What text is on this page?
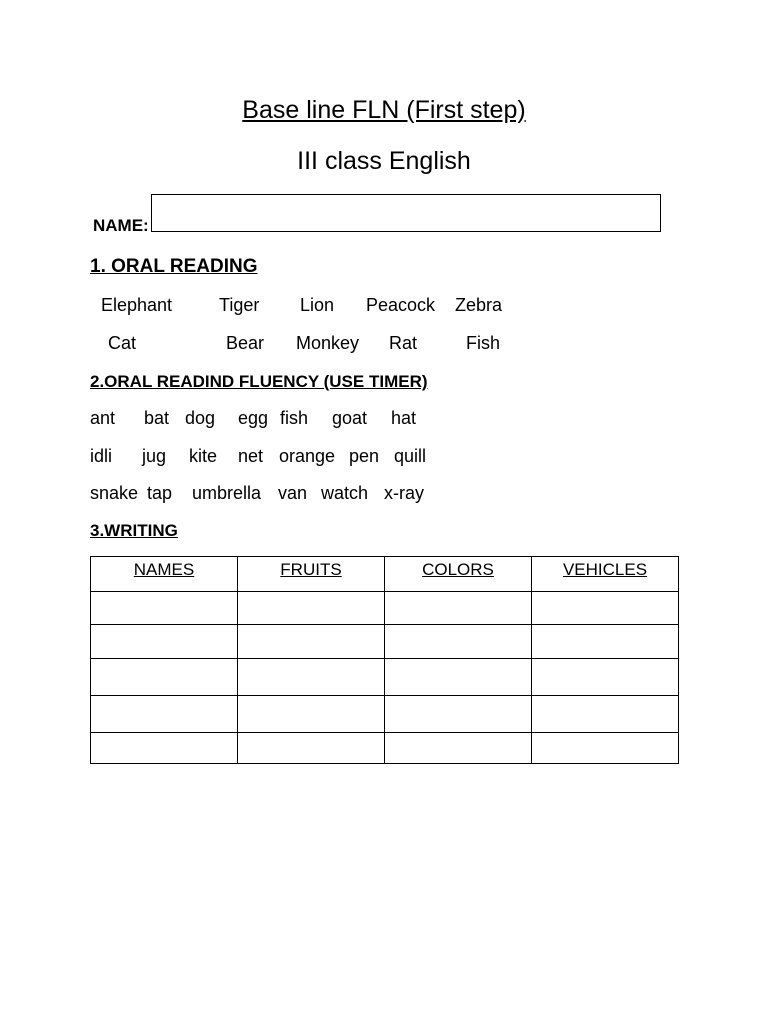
Base line FLN (First step)
III class English
NAME:
1. ORAL READING
Elephant	Tiger Lion Peacock Zebra
Cat	Bear Monkey Rat	Fish
2.ORAL READIND FLUENCY (USE TIMER)
ant bat dog egg fish goat hat
idli jug kite net orange pen quill
snake tap umbrella van watch x-ray
3.WRITING
NAMES	FRUITS	COLORS	VEHICLES
